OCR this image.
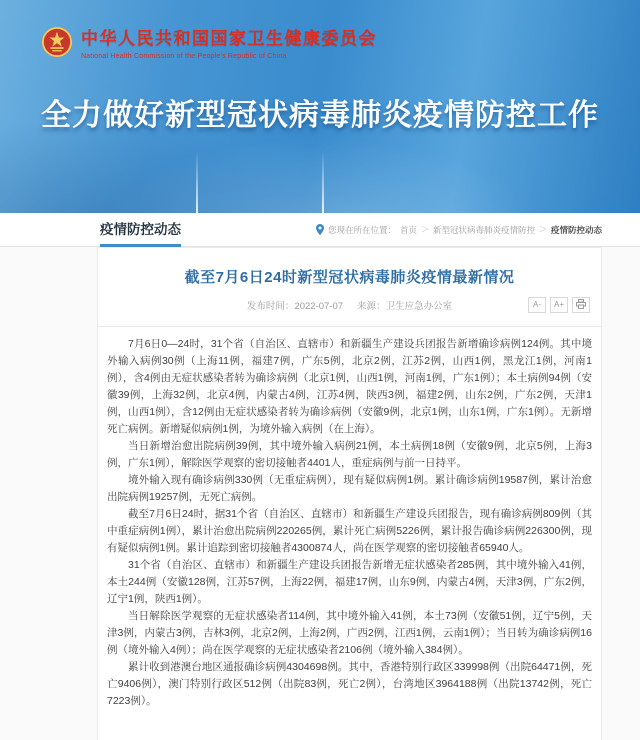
中华人民共和国国家卫生健康委员会
National Health Commission of the People's Republic of China
全力做好新型冠状病毒肺炎疫情防控工作
疫情防控动态	您现在所在位置： 首页 ＞ 新型冠状病毒肺炎疫情防控 ＞ 疫情防控动态
截至7月6日24时新型冠状病毒肺炎疫情最新情况
发布时间：2022-07-07 来源：卫生应急办公室	A-	A+

7月6日0—24时，31个省（自治区、直辖市）和新疆生产建设兵团报告新增确诊病例124例。其中境外输入病例30例（上海11例，福建7例，广东5例，北京2例，江苏2例，山西1例，黑龙江1例，河南1例），含4例由无症状感染者转为确诊病例（北京1例，山西1例，河南1例，广东1例）；本土病例94例（安徽39例，上海32例，北京4例，内蒙古4例，江苏4例，陕西3例，福建2例，山东2例，广东2例，天津1例，山西1例），含12例由无症状感染者转为确诊病例（安徽9例，北京1例，山东1例，广东1例）。无新增死亡病例。新增疑似病例1例，为境外输入病例（在上海）。

当日新增治愈出院病例39例，其中境外输入病例21例，本土病例18例（安徽9例，北京5例，上海3例，广东1例），解除医学观察的密切接触者4401人，重症病例与前一日持平。

境外输入现有确诊病例330例（无重症病例），现有疑似病例1例。累计确诊病例19587例，累计治愈出院病例19257例，无死亡病例。

截至7月6日24时，据31个省（自治区、直辖市）和新疆生产建设兵团报告，现有确诊病例809例（其中重症病例1例），累计治愈出院病例220265例，累计死亡病例5226例，累计报告确诊病例226300例，现有疑似病例1例。累计追踪到密切接触者4300874人，尚在医学观察的密切接触者65940人。

31个省（自治区、直辖市）和新疆生产建设兵团报告新增无症状感染者285例，其中境外输入41例，本土244例（安徽128例，江苏57例，上海22例，福建17例，山东9例，内蒙古4例，天津3例，广东2例，辽宁1例，陕西1例）。

当日解除医学观察的无症状感染者114例，其中境外输入41例，本土73例（安徽51例，辽宁5例，天津3例，内蒙古3例，吉林3例，北京2例，上海2例，广西2例，江西1例，云南1例）；当日转为确诊病例16例（境外输入4例）；尚在医学观察的无症状感染者2106例（境外输入384例）。

累计收到港澳台地区通报确诊病例4304698例。其中，香港特别行政区339998例（出院64471例，死亡9406例），澳门特别行政区512例（出院83例，死亡2例），台湾地区3964188例（出院13742例，死亡7223例）。
